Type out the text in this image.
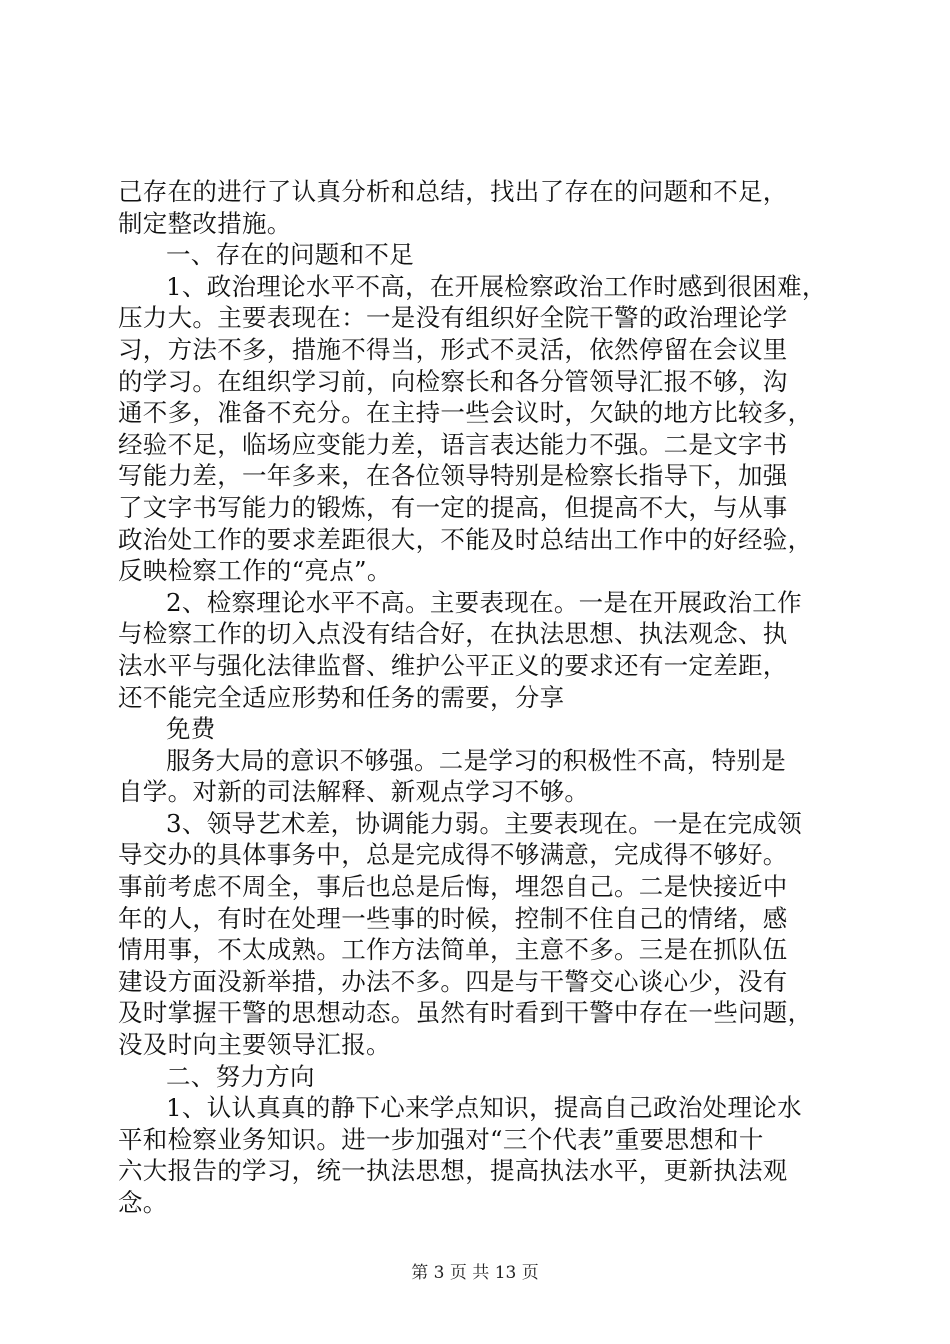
己存在的进行了认真分析和总结，找出了存在的问题和不足，
制定整改措施。
一、存在的问题和不足
1、政治理论水平不高，在开展检察政治工作时感到很困难，
压力大。主要表现在：一是没有组织好全院干警的政治理论学
习，方法不多，措施不得当，形式不灵活，依然停留在会议里
的学习。在组织学习前，向检察长和各分管领导汇报不够，沟
通不多，准备不充分。在主持一些会议时，欠缺的地方比较多，
经验不足，临场应变能力差，语言表达能力不强。二是文字书
写能力差，一年多来，在各位领导特别是检察长指导下，加强
了文字书写能力的锻炼，有一定的提高，但提高不大，与从事
政治处工作的要求差距很大，不能及时总结出工作中的好经验，
反映检察工作的“亮点”。
2、检察理论水平不高。主要表现在。一是在开展政治工作
与检察工作的切入点没有结合好，在执法思想、执法观念、执
法水平与强化法律监督、维护公平正义的要求还有一定差距，
还不能完全适应形势和任务的需要，分享
免费
服务大局的意识不够强。二是学习的积极性不高，特别是
自学。对新的司法解释、新观点学习不够。
3、领导艺术差，协调能力弱。主要表现在。一是在完成领
导交办的具体事务中，总是完成得不够满意，完成得不够好。
事前考虑不周全，事后也总是后悔，埋怨自己。二是快接近中
年的人，有时在处理一些事的时候，控制不住自己的情绪，感
情用事，不太成熟。工作方法简单，主意不多。三是在抓队伍
建设方面没新举措，办法不多。四是与干警交心谈心少，没有
及时掌握干警的思想动态。虽然有时看到干警中存在一些问题，
没及时向主要领导汇报。
二、努力方向
1、认认真真的静下心来学点知识，提高自己政治处理论水
平和检察业务知识。进一步加强对“三个代表”重要思想和十
六大报告的学习，统一执法思想，提高执法水平，更新执法观
念。
第 3 页 共 13 页
